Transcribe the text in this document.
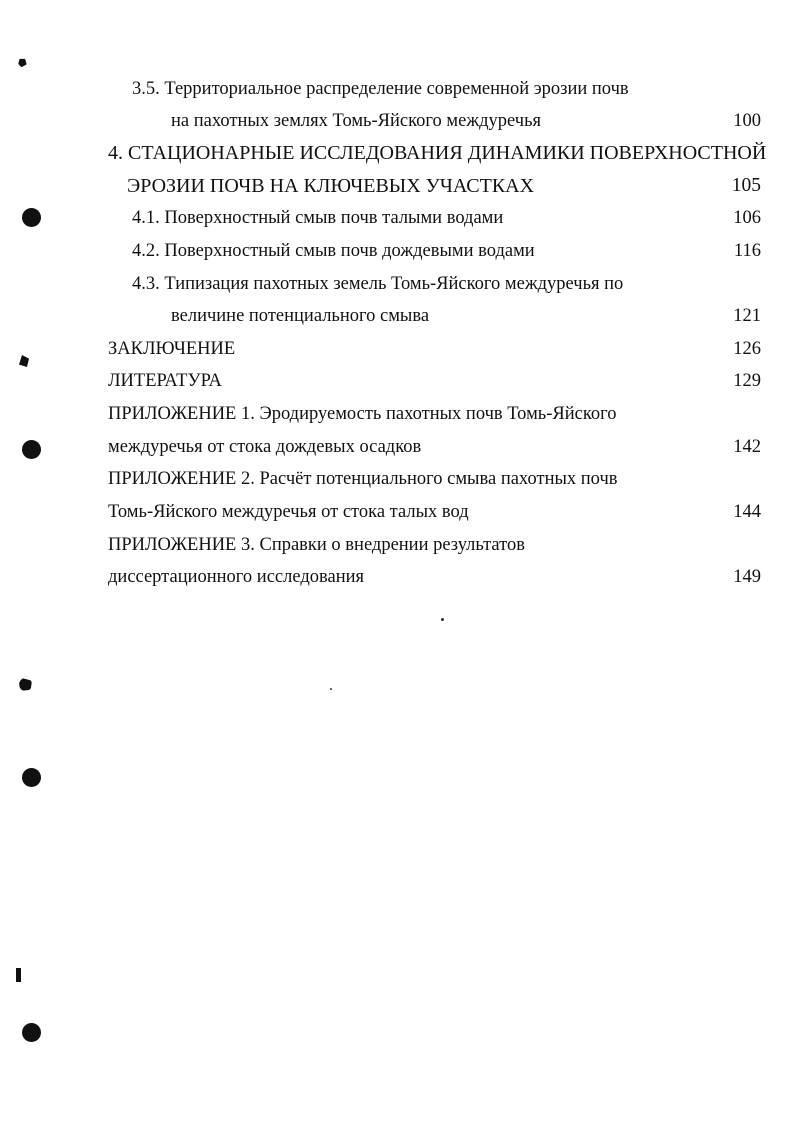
3.5. Территориальное распределение современной эрозии почв
на пахотных землях Томь-Яйского междуречья	100
4. СТАЦИОНАРНЫЕ ИССЛЕДОВАНИЯ ДИНАМИКИ ПОВЕРХНОСТНОЙ
ЭРОЗИИ ПОЧВ НА КЛЮЧЕВЫХ УЧАСТКАХ	105
4.1. Поверхностный смыв почв талыми водами	106
4.2. Поверхностный смыв почв дождевыми водами	116
4.3. Типизация пахотных земель Томь-Яйского междуречья по
величине потенциального смыва	121
ЗАКЛЮЧЕНИЕ	126
ЛИТЕРАТУРА	129
ПРИЛОЖЕНИЕ 1. Эродируемость пахотных почв Томь-Яйского
междуречья от стока дождевых осадков	142
ПРИЛОЖЕНИЕ 2. Расчёт потенциального смыва пахотных почв
Томь-Яйского междуречья от стока талых вод	144
ПРИЛОЖЕНИЕ 3. Справки о внедрении результатов
диссертационного исследования	149
